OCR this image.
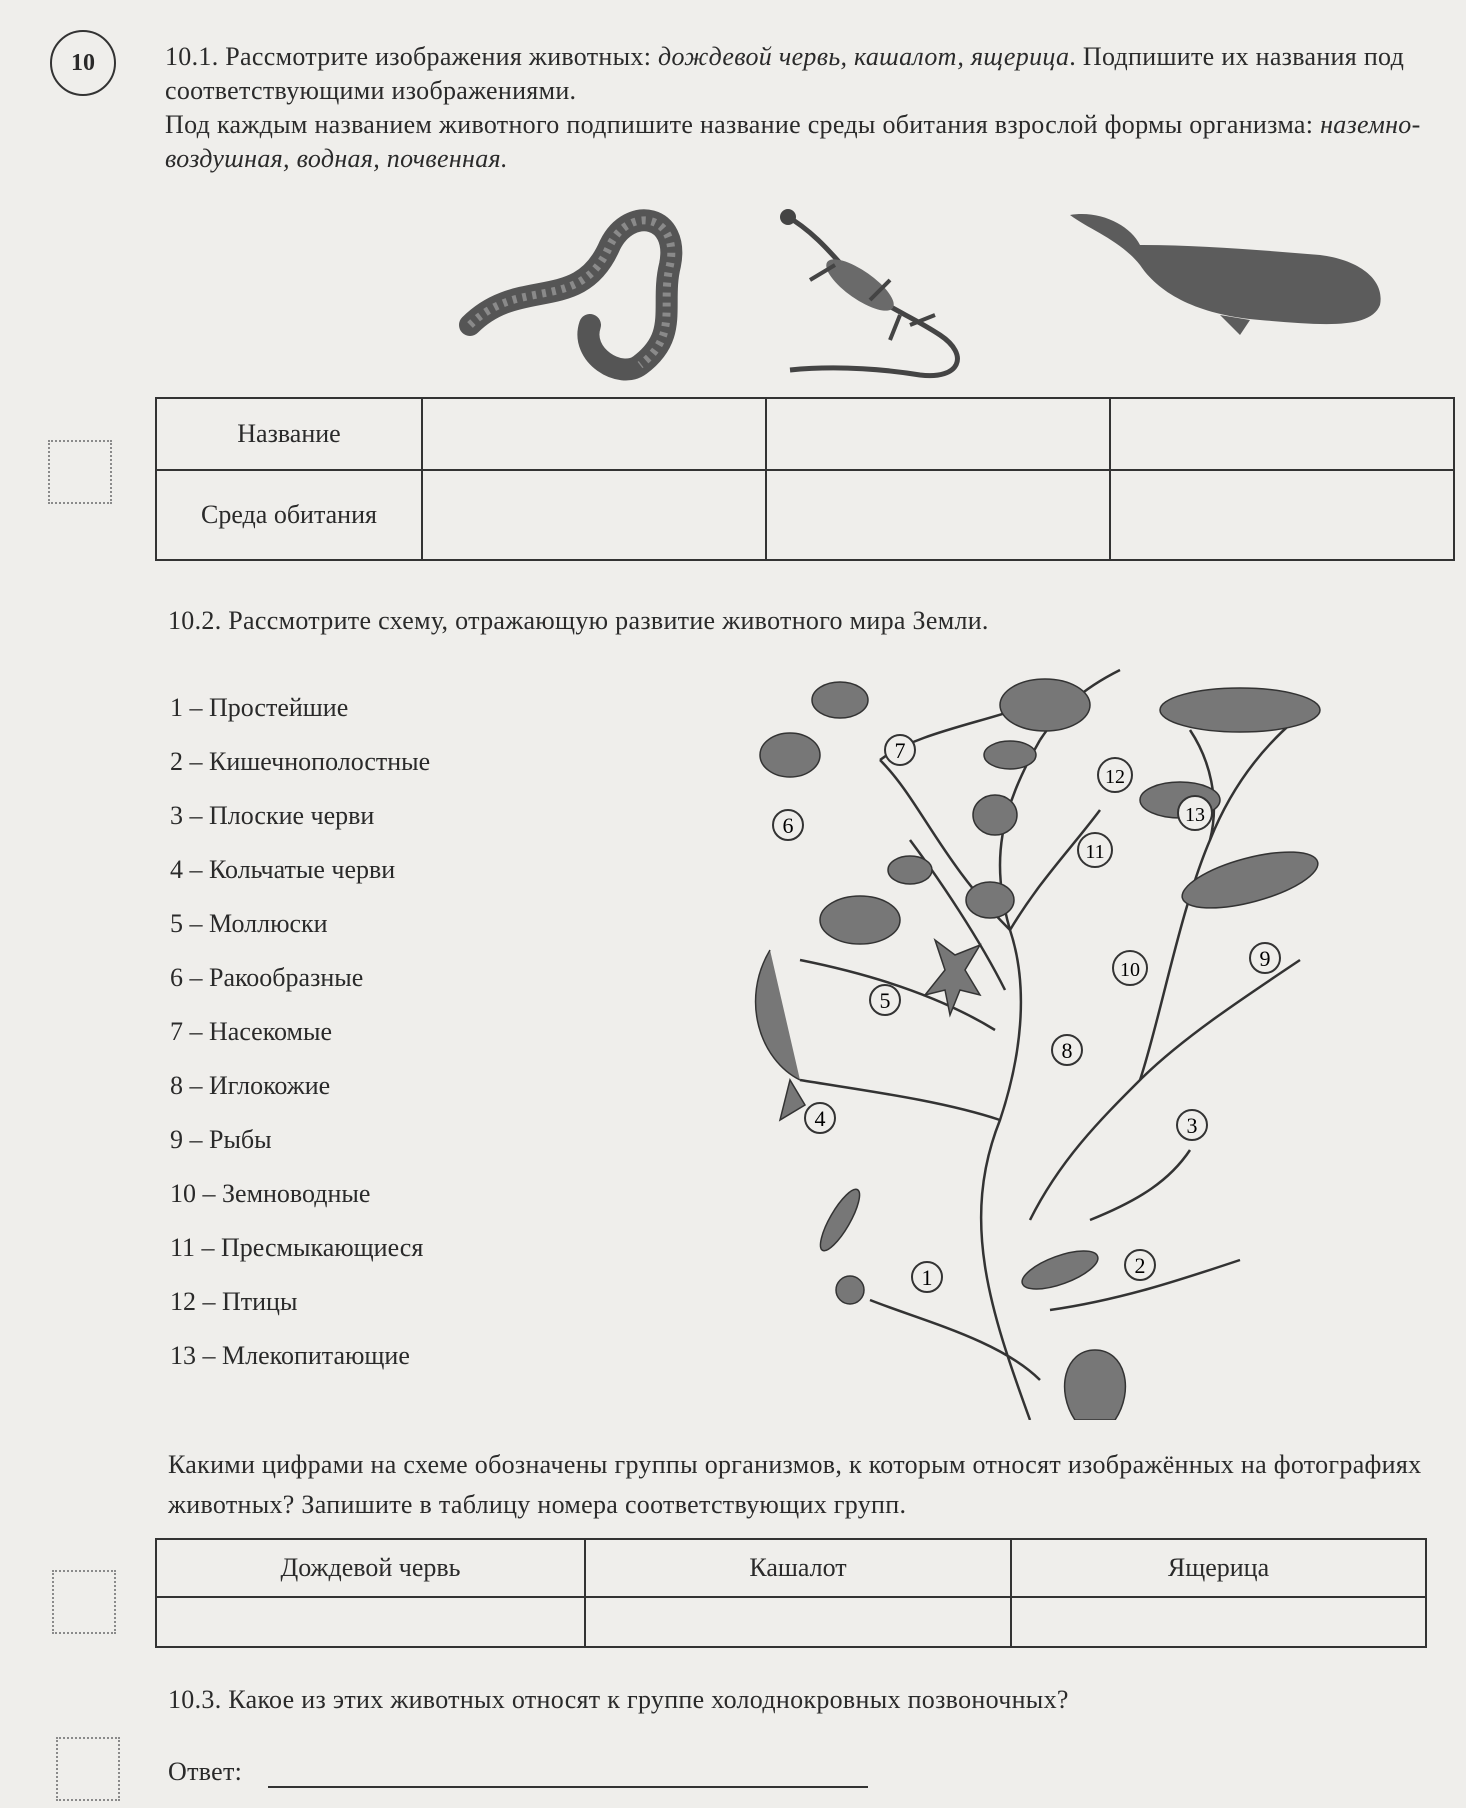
10	10.1. Рассмотрите изображения животных: дождевой червь, кашалот, ящерица. Подпишите их названия под соответствующими изображениями.
Под каждым названием животного подпишите название среды обитания взрослой формы организма: наземно-воздушная, водная, почвенная.
Название			
Среда обитания			
10.2. Рассмотрите схему, отражающую развитие животного мира Земли.
1 – Простейшие
2 – Кишечнополостные
3 – Плоские черви
4 – Кольчатые черви
5 – Моллюски
6 – Ракообразные
7 – Насекомые
8 – Иглокожие
9 – Рыбы
10 – Земноводные
11 – Пресмыкающиеся
12 – Птицы
13 – Млекопитающие
1	2
3
4
5
6
7
8
9
10
11
12
13
Какими цифрами на схеме обозначены группы организмов, к которым относят изображённых на фотографиях животных? Запишите в таблицу номера соответствующих групп.
Дождевой червь	Кашалот	Ящерица

10.3. Какое из этих животных относят к группе холоднокровных позвоночных?
Ответ:
